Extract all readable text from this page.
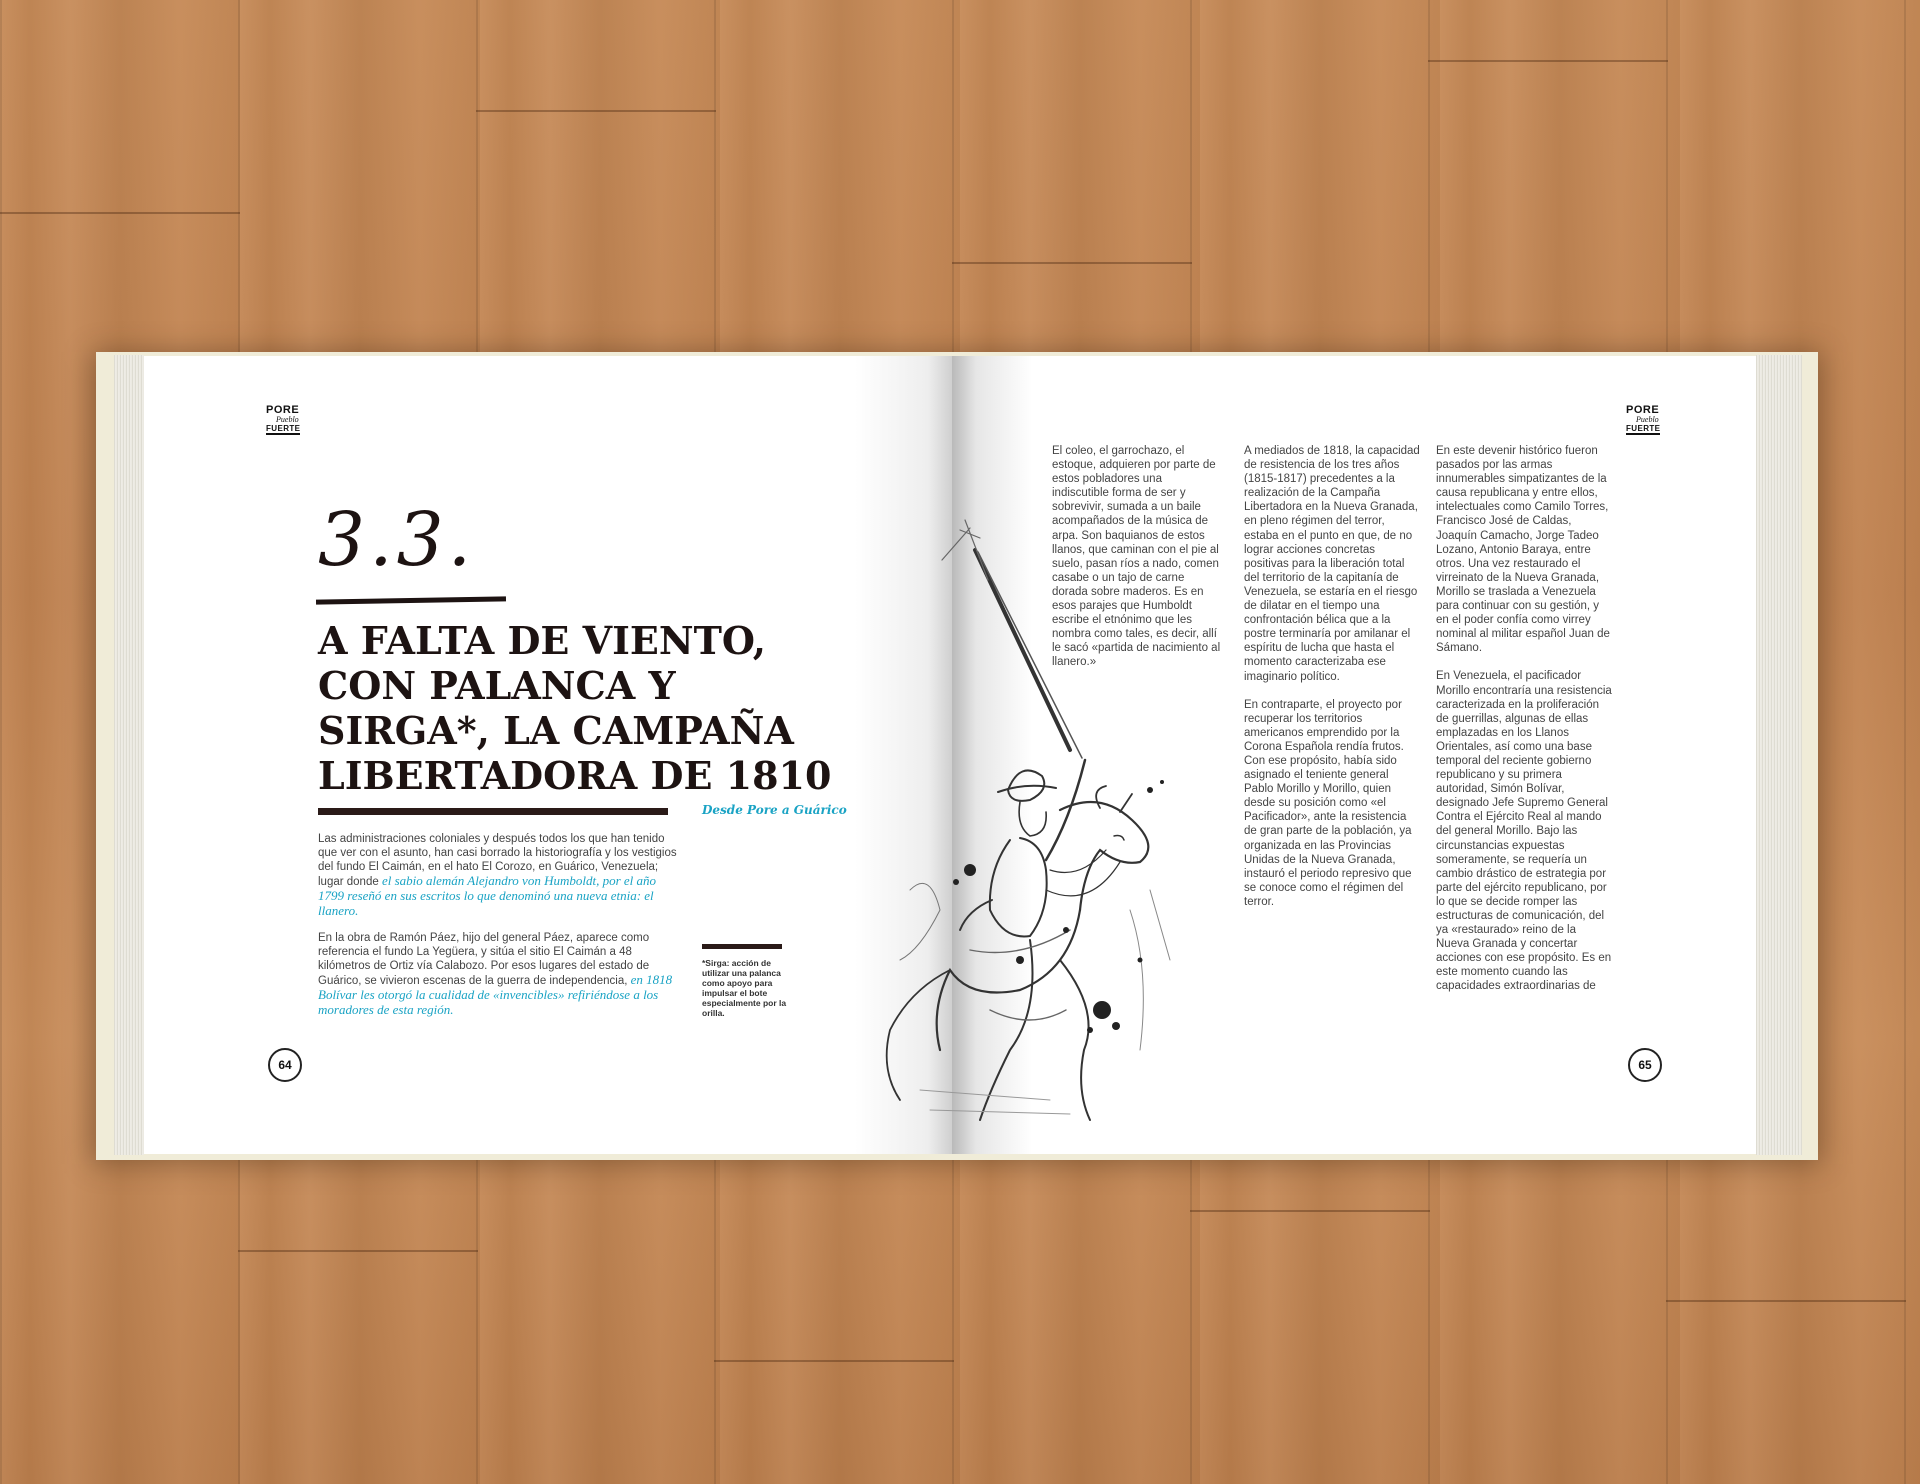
PORE
Pueblo
FUERTE
3.3.
A FALTA DE VIENTO,
CON PALANCA Y
SIRGA*, LA CAMPAÑA
LIBERTADORA DE 1810
Desde Pore a Guárico

Las administraciones coloniales y después todos los que han tenido que ver con el asunto, han casi borrado la historiografía y los vestigios del fundo El Caimán, en el hato El Corozo, en Guárico, Venezuela; lugar donde el sabio alemán Alejandro von Humboldt, por el año 1799 reseñó en sus escritos lo que denominó una nueva etnia: el llanero.

En la obra de Ramón Páez, hijo del general Páez, aparece como referencia el fundo La Yegüera, y sitúa el sitio El Caimán a 48 kilómetros de Ortiz vía Calabozo. Por esos lugares del estado de Guárico, se vivieron escenas de la guerra de independencia, en 1818 Bolívar les otorgó la cualidad de «invencibles» refiriéndose a los moradores de esta región.

*Sirga: acción de utilizar una palanca como apoyo para impulsar el bote especialmente por la orilla.
64
PORE
Pueblo
FUERTE

El coleo, el garrochazo, el estoque, adquieren por parte de estos pobladores una indiscutible forma de ser y sobrevivir, sumada a un baile acompañados de la música de arpa. Son baquianos de estos llanos, que caminan con el pie al suelo, pasan ríos a nado, comen casabe o un tajo de carne dorada sobre maderos. Es en esos parajes que Humboldt escribe el etnónimo que les nombra como tales, es decir, allí le sacó «partida de nacimiento al llanero.»

A mediados de 1818, la capacidad de resistencia de los tres años (1815-1817) precedentes a la realización de la Campaña Libertadora en la Nueva Granada, en pleno régimen del terror, estaba en el punto en que, de no lograr acciones concretas positivas para la liberación total del territorio de la capitanía de Venezuela, se estaría en el riesgo de dilatar en el tiempo una confrontación bélica que a la postre terminaría por amilanar el espíritu de lucha que hasta el momento caracterizaba ese imaginario político.

En contraparte, el proyecto por recuperar los territorios americanos emprendido por la Corona Española rendía frutos. Con ese propósito, había sido asignado el teniente general Pablo Morillo y Morillo, quien desde su posición como «el Pacificador», ante la resistencia de gran parte de la población, ya organizada en las Provincias Unidas de la Nueva Granada, instauró el periodo represivo que se conoce como el régimen del terror.

En este devenir histórico fueron pasados por las armas innumerables simpatizantes de la causa republicana y entre ellos, intelectuales como Camilo Torres, Francisco José de Caldas, Joaquín Camacho, Jorge Tadeo Lozano, Antonio Baraya, entre otros. Una vez restaurado el virreinato de la Nueva Granada, Morillo se traslada a Venezuela para continuar con su gestión, y en el poder confía como virrey nominal al militar español Juan de Sámano.

En Venezuela, el pacificador Morillo encontraría una resistencia caracterizada en la proliferación de guerrillas, algunas de ellas emplazadas en los Llanos Orientales, así como una base temporal del reciente gobierno republicano y su primera autoridad, Simón Bolívar, designado Jefe Supremo General Contra el Ejército Real al mando del general Morillo. Bajo las circunstancias expuestas someramente, se requería un cambio drástico de estrategia por parte del ejército republicano, por lo que se decide romper las estructuras de comunicación, del ya «restaurado» reino de la Nueva Granada y concertar acciones con ese propósito. Es en este momento cuando las capacidades extraordinarias de

65
